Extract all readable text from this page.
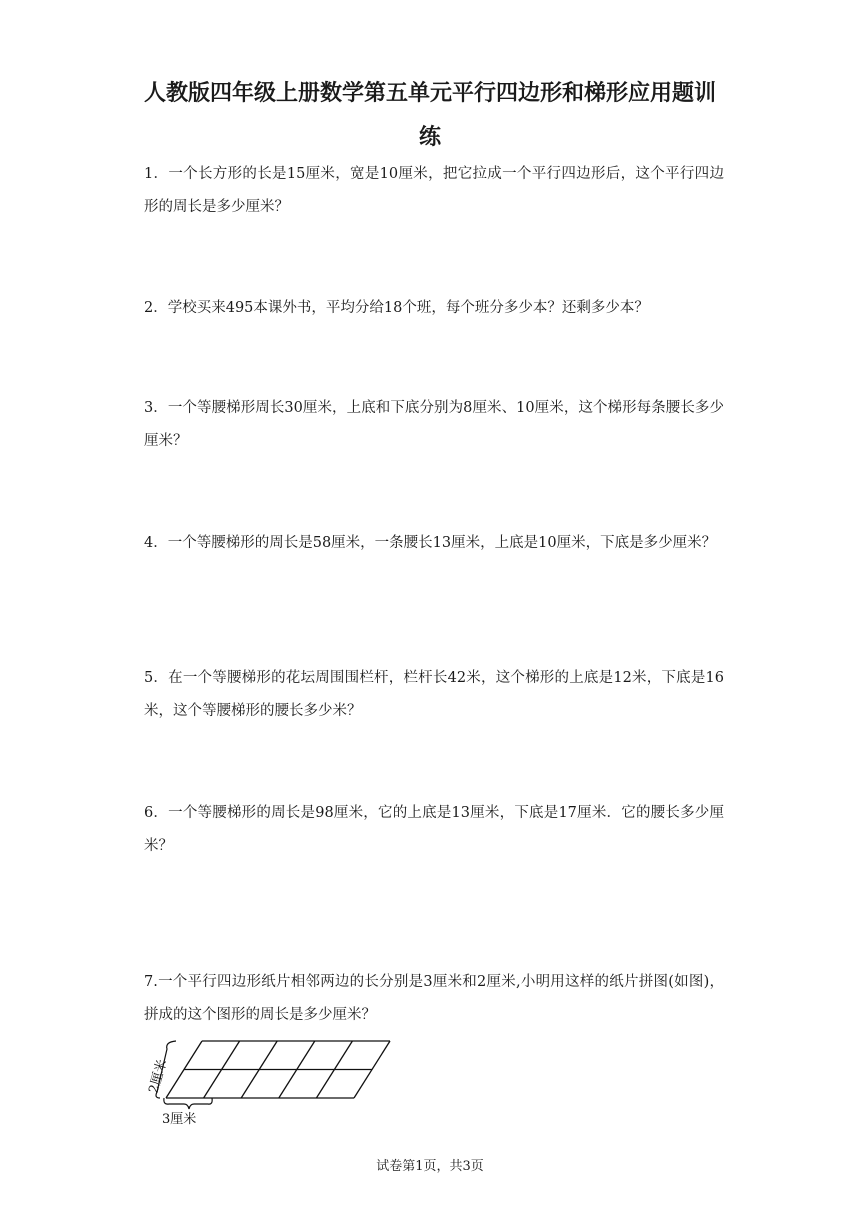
人教版四年级上册数学第五单元平行四边形和梯形应用题训
练
1．一个长方形的长是15厘米，宽是10厘米，把它拉成一个平行四边形后，这个平行四边形的周长是多少厘米？
2．学校买来495本课外书，平均分给18个班，每个班分多少本？还剩多少本？
3．一个等腰梯形周长30厘米，上底和下底分别为8厘米、10厘米，这个梯形每条腰长多少厘米？
4．一个等腰梯形的周长是58厘米，一条腰长13厘米，上底是10厘米，下底是多少厘米？
5．在一个等腰梯形的花坛周围围栏杆，栏杆长42米，这个梯形的上底是12米，下底是16米，这个等腰梯形的腰长多少米？
6．一个等腰梯形的周长是98厘米，它的上底是13厘米，下底是17厘米．它的腰长多少厘米？
7.一个平行四边形纸片相邻两边的长分别是3厘米和2厘米,小明用这样的纸片拼图(如图)，拼成的这个图形的周长是多少厘米？
2厘米
3厘米
试卷第1页，共3页
